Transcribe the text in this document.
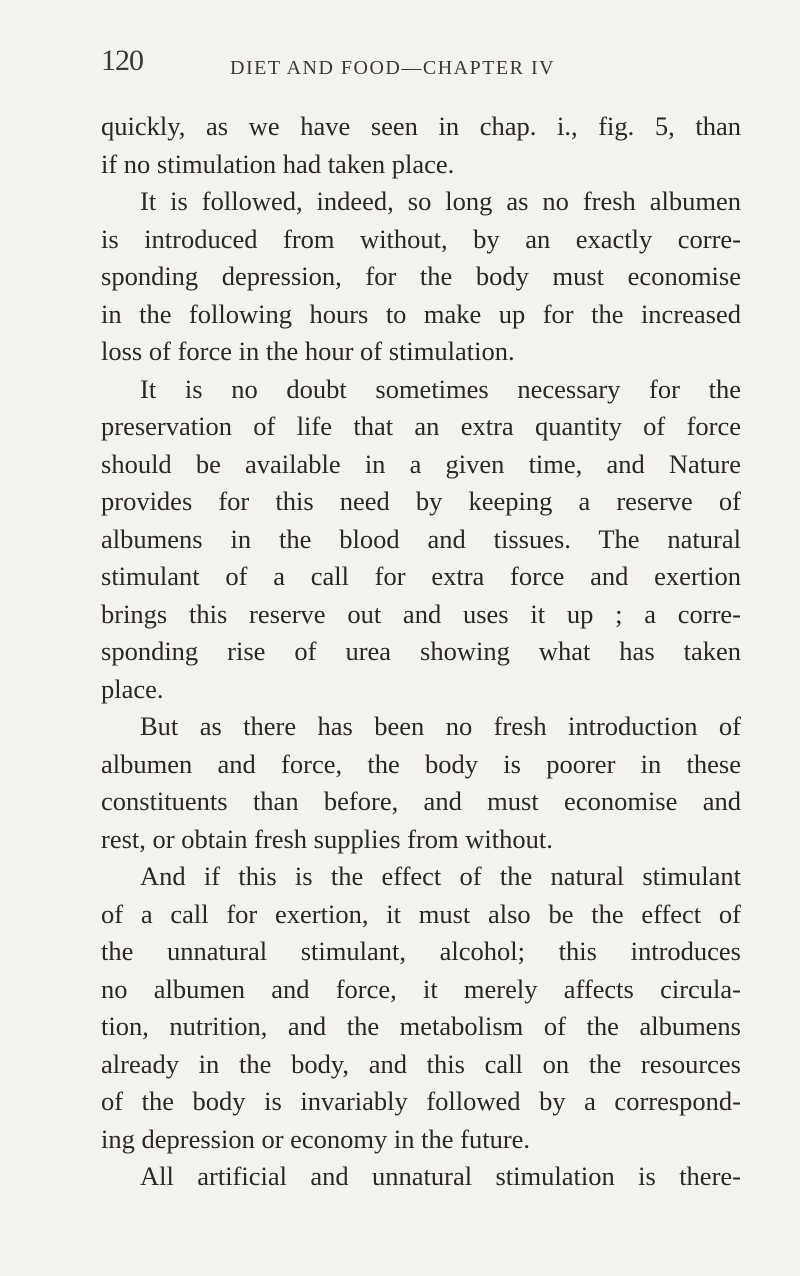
120	DIET AND FOOD—CHAPTER IV
quickly, as we have seen in chap. i., fig. 5, than
if no stimulation had taken place.
It is followed, indeed, so long as no fresh albumen
is introduced from without, by an exactly corre-
sponding depression, for the body must economise
in the following hours to make up for the increased
loss of force in the hour of stimulation.
It is no doubt sometimes necessary for the
preservation of life that an extra quantity of force
should be available in a given time, and Nature
provides for this need by keeping a reserve of
albumens in the blood and tissues. The natural
stimulant of a call for extra force and exertion
brings this reserve out and uses it up ; a corre-
sponding rise of urea showing what has taken
place.
But as there has been no fresh introduction of
albumen and force, the body is poorer in these
constituents than before, and must economise and
rest, or obtain fresh supplies from without.
And if this is the effect of the natural stimulant
of a call for exertion, it must also be the effect of
the unnatural stimulant, alcohol; this introduces
no albumen and force, it merely affects circula-
tion, nutrition, and the metabolism of the albumens
already in the body, and this call on the resources
of the body is invariably followed by a correspond-
ing depression or economy in the future.
All artificial and unnatural stimulation is there-
